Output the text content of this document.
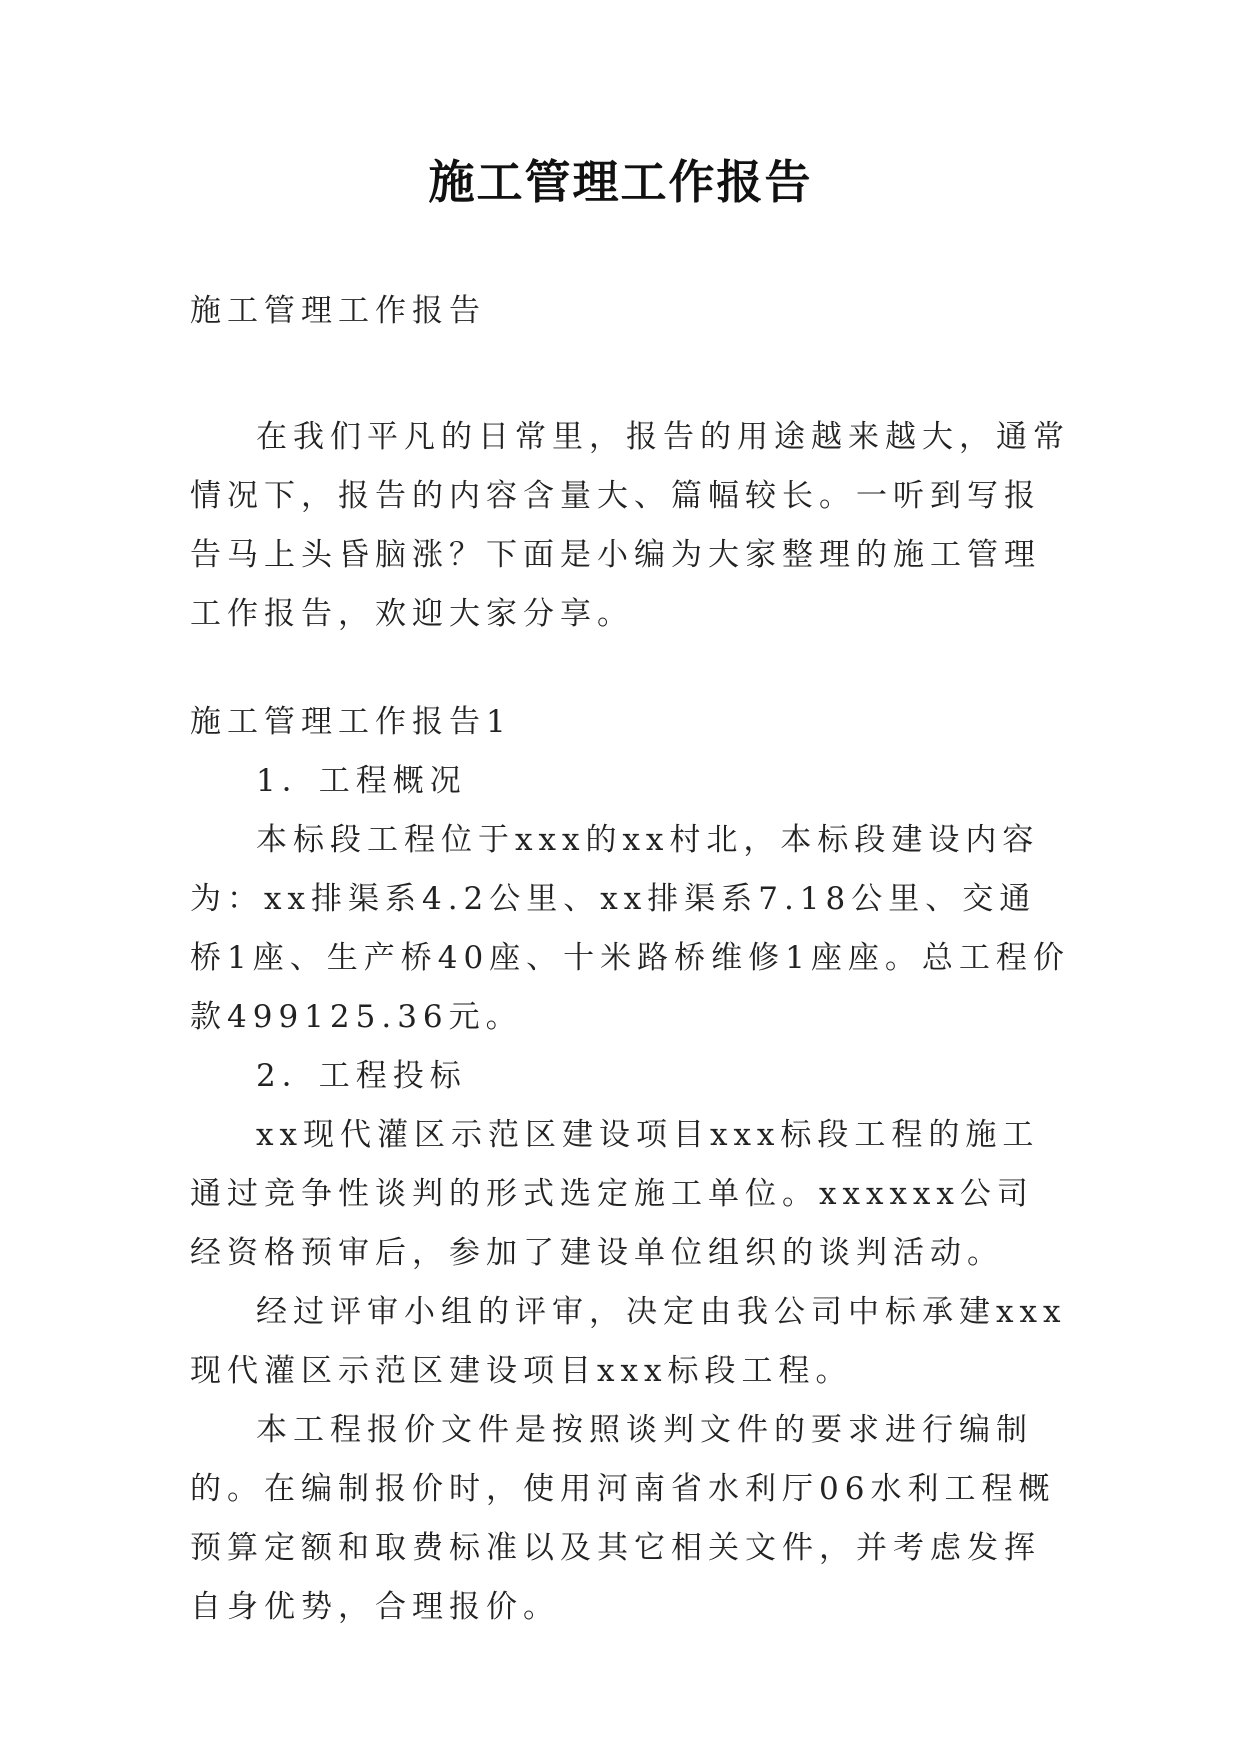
施工管理工作报告

施工管理工作报告

在我们平凡的日常里，报告的用途越来越大，通常情况下，报告的内容含量大、篇幅较长。一听到写报告马上头昏脑涨？下面是小编为大家整理的施工管理工作报告，欢迎大家分享。

施工管理工作报告1

1．工程概况

本标段工程位于xxx的xx村北，本标段建设内容为：xx排渠系4.2公里、xx排渠系7.18公里、交通桥1座、生产桥40座、十米路桥维修1座座。总工程价款499125.36元。

2．工程投标

xx现代灌区示范区建设项目xxx标段工程的施工通过竞争性谈判的形式选定施工单位。xxxxxx公司经资格预审后，参加了建设单位组织的谈判活动。

经过评审小组的评审，决定由我公司中标承建xxx现代灌区示范区建设项目xxx标段工程。

本工程报价文件是按照谈判文件的要求进行编制的。在编制报价时，使用河南省水利厅06水利工程概预算定额和取费标准以及其它相关文件，并考虑发挥自身优势，合理报价。
